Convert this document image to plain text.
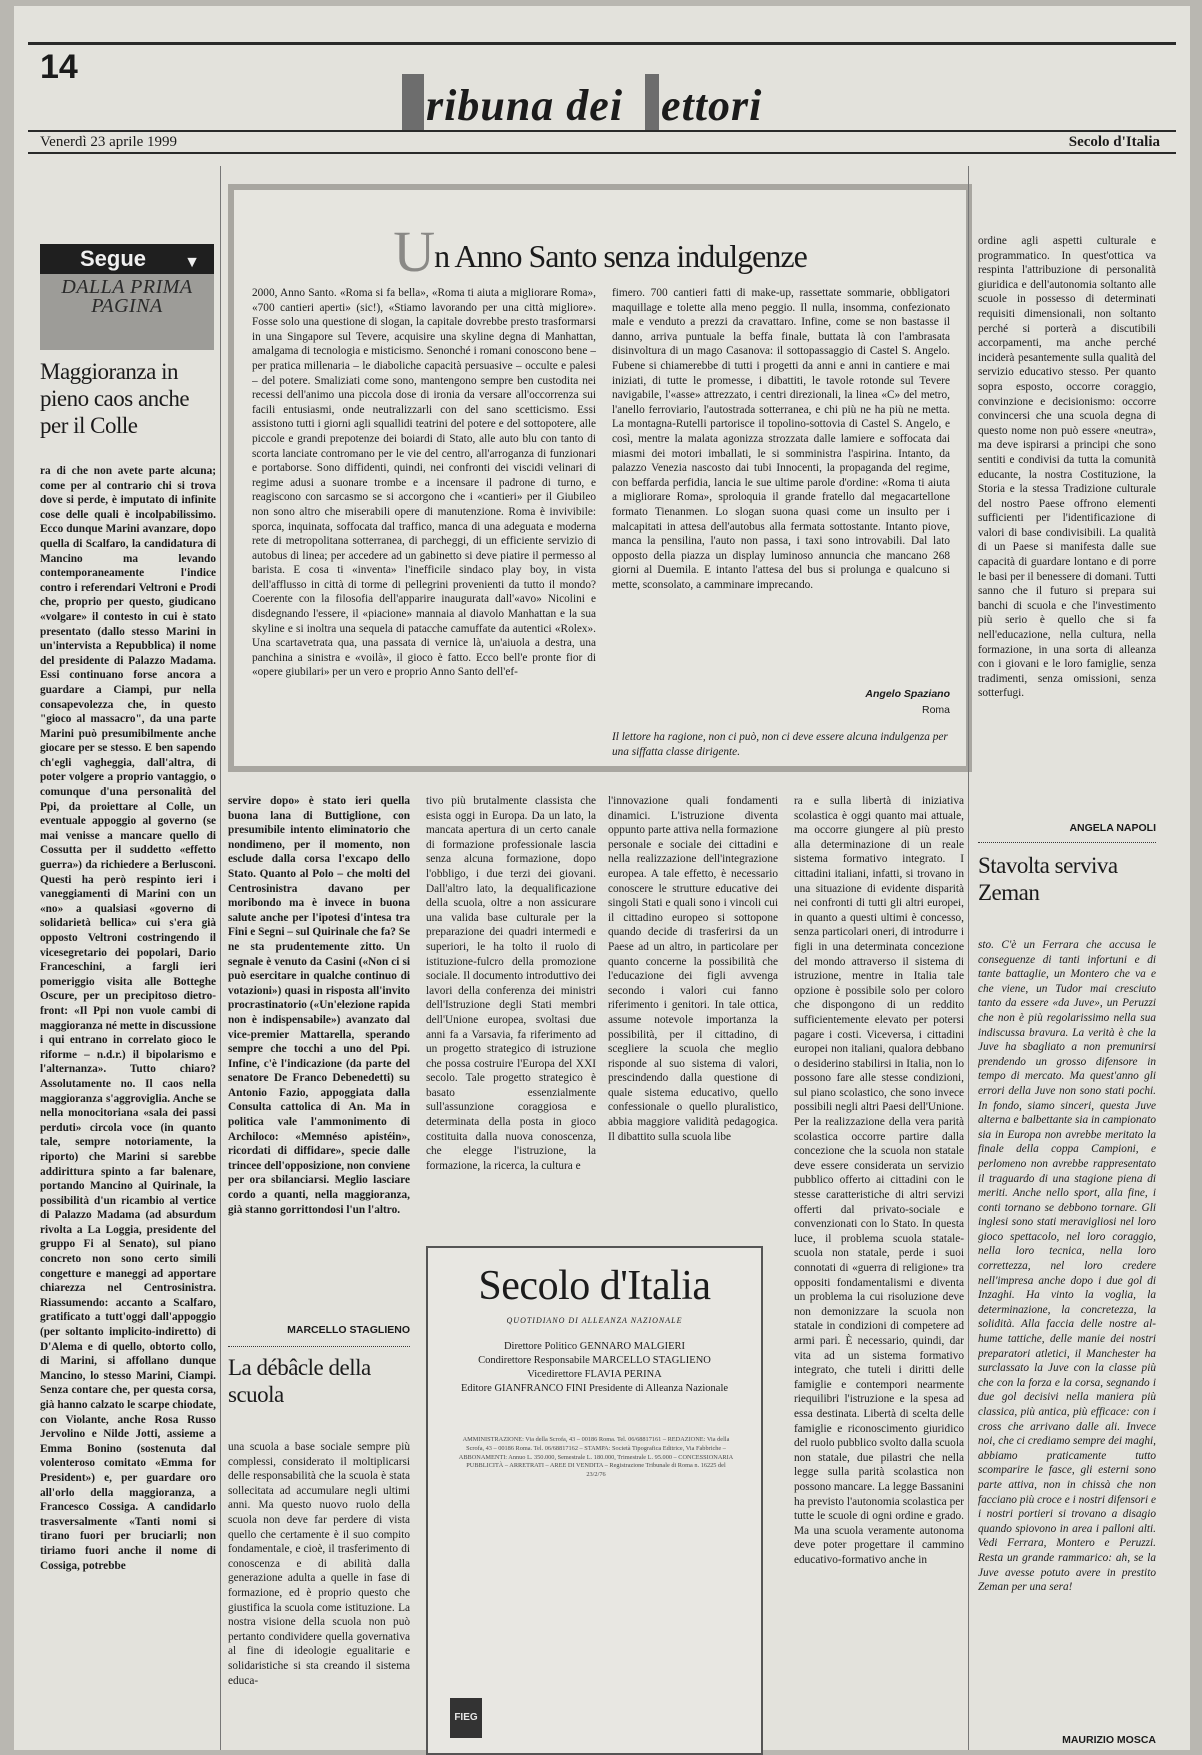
14
ribuna dei ettori
Venerdì 23 aprile 1999	Secolo d'Italia
Segue	▼
DALLA PRIMA PAGINA
Maggioranza in pieno caos anche per il Colle
ra di che non avete parte alcuna; come per al contrario chi si trova dove si perde, è imputato di infinite cose delle quali è incolpabilissimo. Ecco dunque Marini avanzare, dopo quella di Scalfaro, la candidatura di Mancino ma levando contemporaneamente l'indice contro i referendari Veltroni e Prodi che, proprio per questo, giudicano «volgare» il contesto in cui è stato presentato (dallo stesso Marini in un'intervista a Repubblica) il nome del presidente di Palazzo Madama. Essi continuano forse ancora a guardare a Ciampi, pur nella consapevolezza che, in questo "gioco al massacro", da una parte Marini può presumibilmente anche giocare per se stesso. E ben sapendo ch'egli vagheggia, dall'altra, di poter volgere a proprio vantaggio, o comunque d'una personalità del Ppi, da proiettare al Colle, un eventuale appoggio al governo (se mai venisse a mancare quello di Cossutta per il suddetto «effetto guerra») da richiedere a Berlusconi. Questi ha però respinto ieri i vaneggiamenti di Marini con un «no» a qualsiasi «governo di solidarietà bellica» cui s'era già opposto Veltroni costringendo il vicesegretario dei popolari, Dario Franceschini, a fargli ieri pomeriggio visita alle Botteghe Oscure, per un precipitoso dietro-front: «Il Ppi non vuole cambi di maggioranza né mette in discussione i qui entrano in correlato gioco le riforme – n.d.r.) il bipolarismo e l'alternanza». Tutto chiaro? Assolutamente no. Il caos nella maggioranza s'aggroviglia. Anche se nella monocitoriana «sala dei passi perduti» circola voce (in quanto tale, sempre notoriamente, la riporto) che Marini si sarebbe addirittura spinto a far balenare, portando Mancino al Quirinale, la possibilità d'un ricambio al vertice di Palazzo Madama (ad absurdum rivolta a La Loggia, presidente del gruppo Fi al Senato), sul piano concreto non sono certo simili congetture e maneggi ad apportare chiarezza nel Centrosinistra. Riassumendo: accanto a Scalfaro, gratificato a tutt'oggi dall'appoggio (per soltanto implicito-indiretto) di D'Alema e di quello, obtorto collo, di Marini, si affollano dunque Mancino, lo stesso Marini, Ciampi. Senza contare che, per questa corsa, già hanno calzato le scarpe chiodate, con Violante, anche Rosa Russo Jervolino e Nilde Jotti, assieme a Emma Bonino (sostenuta dal volenteroso comitato «Emma for President») e, per guardare oro all'orlo della maggioranza, a Francesco Cossiga. A candidarlo trasversalmente «Tanti nomi si tirano fuori per bruciarli; non tiriamo fuori anche il nome di Cossiga, potrebbe
Un Anno Santo senza indulgenze
2000, Anno Santo. «Roma si fa bella», «Roma ti aiuta a migliorare Roma», «700 cantieri aperti» (sic!), «Stiamo lavorando per una città migliore». Fosse solo una questione di slogan, la capitale dovrebbe presto trasformarsi in una Singapore sul Tevere, acquisire una skyline degna di Manhattan, amalgama di tecnologia e misticismo. Senonché i romani conoscono bene – per pratica millenaria – le diaboliche capacità persuasive – occulte e palesi – del potere. Smaliziati come sono, mantengono sempre ben custodita nei recessi dell'animo una piccola dose di ironia da versare all'occorrenza sui facili entusiasmi, onde neutralizzarli con del sano scetticismo. Essi assistono tutti i giorni agli squallidi teatrini del potere e del sottopotere, alle piccole e grandi prepotenze dei boiardi di Stato, alle auto blu con tanto di scorta lanciate contromano per le vie del centro, all'arroganza di funzionari e portaborse. Sono diffidenti, quindi, nei confronti dei viscidi velinari di regime adusi a suonare trombe e a incensare il padrone di turno, e reagiscono con sarcasmo se si accorgono che i «cantieri» per il Giubileo non sono altro che miserabili opere di manutenzione. Roma è invivibile: sporca, inquinata, soffocata dal traffico, manca di una adeguata e moderna rete di metropolitana sotterranea, di parcheggi, di un efficiente servizio di autobus di linea; per accedere ad un gabinetto si deve piatire il permesso al barista. E cosa ti «inventa» l'inefficile sindaco play boy, in vista dell'afflusso in città di torme di pellegrini provenienti da tutto il mondo? Coerente con la filosofia dell'apparire inaugurata dall'«avo» Nicolini e disdegnando l'essere, il «piacione» mannaia al diavolo Manhattan e la sua skyline e si inoltra una sequela di patacche camuffate da autentici «Rolex». Una scartavetrata qua, una passata di vernice là, un'aiuola a destra, una panchina a sinistra e «voilà», il gioco è fatto. Ecco bell'e pronte fior di «opere giubilari» per un vero e proprio Anno Santo dell'ef-
fimero. 700 cantieri fatti di make-up, rassettate sommarie, obbligatori maquillage e tolette alla meno peggio. Il nulla, insomma, confezionato male e venduto a prezzi da cravattaro. Infine, come se non bastasse il danno, arriva puntuale la beffa finale, buttata là con l'ambrasata disinvoltura di un mago Casanova: il sottopassaggio di Castel S. Angelo. Fubene si chiamerebbe di tutti i progetti da anni e anni in cantiere e mai iniziati, di tutte le promesse, i dibattiti, le tavole rotonde sul Tevere navigabile, l'«asse» attrezzato, i centri direzionali, la linea «C» del metro, l'anello ferroviario, l'autostrada sotterranea, e chi più ne ha più ne metta. La montagna-Rutelli partorisce il topolino-sottovia di Castel S. Angelo, e così, mentre la malata agonizza strozzata dalle lamiere e soffocata dai miasmi dei motori imballati, le si somministra l'aspirina. Intanto, da palazzo Venezia nascosto dai tubi Innocenti, la propaganda del regime, con beffarda perfidia, lancia le sue ultime parole d'ordine: «Roma ti aiuta a migliorare Roma», sproloquia il grande fratello dal megacartellone formato Tienanmen. Lo slogan suona quasi come un insulto per i malcapitati in attesa dell'autobus alla fermata sottostante. Intanto piove, manca la pensilina, l'auto non passa, i taxi sono introvabili. Dal lato opposto della piazza un display luminoso annuncia che mancano 268 giorni al Duemila. E intanto l'attesa del bus si prolunga e qualcuno si mette, sconsolato, a camminare imprecando.
Angelo Spaziano
Roma
Il lettore ha ragione, non ci può, non ci deve essere alcuna indulgenza per una siffatta classe dirigente.
servire dopo» è stato ieri quella buona lana di Buttiglione, con presumibile intento eliminatorio che nondimeno, per il momento, non esclude dalla corsa l'excapo dello Stato. Quanto al Polo – che molti del Centrosinistra davano per moribondo ma è invece in buona salute anche per l'ipotesi d'intesa tra Fini e Segni – sul Quirinale che fa? Se ne sta prudentemente zitto. Un segnale è venuto da Casini («Non ci si può esercitare in qualche continuo di votazioni») quasi in risposta all'invito procrastinatorio («Un'elezione rapida non è indispensabile») avanzato dal vice-premier Mattarella, sperando sempre che tocchi a uno del Ppi. Infine, c'è l'indicazione (da parte del senatore De Franco Debenedetti) su Antonio Fazio, appoggiata dalla Consulta cattolica di An. Ma in politica vale l'ammonimento di Archiloco: «Memnéso apistéin», ricordati di diffidare», specie dalle trincee dell'opposizione, non conviene per ora sbilanciarsi. Meglio lasciare cordo a quanti, nella maggioranza, già stanno gorrittondosi l'un l'altro.
MARCELLO STAGLIENO
La débâcle della scuola
una scuola a base sociale sempre più complessi, considerato il moltiplicarsi delle responsabilità che la scuola è stata sollecitata ad accumulare negli ultimi anni. Ma questo nuovo ruolo della scuola non deve far perdere di vista quello che certamente è il suo compito fondamentale, e cioè, il trasferimento di conoscenza e di abilità dalla generazione adulta a quelle in fase di formazione, ed è proprio questo che giustifica la scuola come istituzione. La nostra visione della scuola non può pertanto condividere quella governativa al fine di ideologie egualitarie e solidaristiche si sta creando il sistema educa-
tivo più brutalmente classista che esista oggi in Europa. Da un lato, la mancata apertura di un certo canale di formazione professionale lascia senza alcuna formazione, dopo l'obbligo, i due terzi dei giovani. Dall'altro lato, la dequalificazione della scuola, oltre a non assicurare una valida base culturale per la preparazione dei quadri intermedi e superiori, le ha tolto il ruolo di istituzione-fulcro della promozione sociale. Il documento introduttivo dei lavori della conferenza dei ministri dell'Istruzione degli Stati membri dell'Unione europea, svoltasi due anni fa a Varsavia, fa riferimento ad un progetto strategico di istruzione che possa costruire l'Europa del XXI secolo. Tale progetto strategico è basato essenzialmente sull'assunzione coraggiosa e determinata della posta in gioco costituita dalla nuova conoscenza, che elegge l'istruzione, la formazione, la ricerca, la cultura e
l'innovazione quali fondamenti dinamici. L'istruzione diventa oppunto parte attiva nella formazione personale e sociale dei cittadini e nella realizzazione dell'integrazione europea. A tale effetto, è necessario conoscere le strutture educative dei singoli Stati e quali sono i vincoli cui il cittadino europeo si sottopone quando decide di trasferirsi da un Paese ad un altro, in particolare per quanto concerne la possibilità che l'educazione dei figli avvenga secondo i valori cui fanno riferimento i genitori. In tale ottica, assume notevole importanza la possibilità, per il cittadino, di scegliere la scuola che meglio risponde al suo sistema di valori, prescindendo dalla questione di quale sistema educativo, quello confessionale o quello pluralistico, abbia maggiore validità pedagogica. Il dibattito sulla scuola libe
Secolo d'Italia
QUOTIDIANO DI ALLEANZA NAZIONALE
Direttore Politico GENNARO MALGIERI
Condirettore Responsabile MARCELLO STAGLIENO
Vicedirettore FLAVIA PERINA
Editore GIANFRANCO FINI Presidente di Alleanza Nazionale
AMMINISTRAZIONE: Via della Scrofa, 43 – 00186 Roma. Tel. 06/68817161 – REDAZIONE: Via della Scrofa, 43 – 00186 Roma. Tel. 06/68817162 – STAMPA: Società Tipografica Editrice, Via Fabbriche – ABBONAMENTI: Annuo L. 350.000, Semestrale L. 180.000, Trimestrale L. 95.000 – CONCESSIONARIA PUBBLICITÀ – ARRETRATI – AREE DI VENDITA – Registrazione Tribunale di Roma n. 16225 del 23/2/76
FIEG
ra e sulla libertà di iniziativa scolastica è oggi quanto mai attuale, ma occorre giungere al più presto alla determinazione di un reale sistema formativo integrato. I cittadini italiani, infatti, si trovano in una situazione di evidente disparità nei confronti di tutti gli altri europei, in quanto a questi ultimi è concesso, senza particolari oneri, di introdurre i figli in una determinata concezione del mondo attraverso il sistema di istruzione, mentre in Italia tale opzione è possibile solo per coloro che dispongono di un reddito sufficientemente elevato per potersi pagare i costi. Viceversa, i cittadini europei non italiani, qualora debbano o desiderino stabilirsi in Italia, non lo possono fare alle stesse condizioni, sul piano scolastico, che sono invece possibili negli altri Paesi dell'Unione. Per la realizzazione della vera parità scolastica occorre partire dalla concezione che la scuola non statale deve essere considerata un servizio pubblico offerto ai cittadini con le stesse caratteristiche di altri servizi offerti dal privato-sociale e convenzionati con lo Stato. In questa luce, il problema scuola statale-scuola non statale, perde i suoi connotati di «guerra di religione» tra oppositi fondamentalismi e diventa un problema la cui risoluzione deve non demonizzare la scuola non statale in condizioni di competere ad armi pari. È necessario, quindi, dar vita ad un sistema formativo integrato, che tuteli i diritti delle famiglie e contempori nearmente riequilibri l'istruzione e la spesa ad essa destinata. Libertà di scelta delle famiglie e riconoscimento giuridico del ruolo pubblico svolto dalla scuola non statale, due pilastri che nella legge sulla parità scolastica non possono mancare. La legge Bassanini ha previsto l'autonomia scolastica per tutte le scuole di ogni ordine e grado. Ma una scuola veramente autonoma deve poter progettare il cammino educativo-formativo anche in
ordine agli aspetti culturale e programmatico. In quest'ottica va respinta l'attribuzione di personalità giuridica e dell'autonomia soltanto alle scuole in possesso di determinati requisiti dimensionali, non soltanto perché si porterà a discutibili accorpamenti, ma anche perché inciderà pesantemente sulla qualità del servizio educativo stesso. Per quanto sopra esposto, occorre coraggio, convinzione e decisionismo: occorre convincersi che una scuola degna di questo nome non può essere «neutra», ma deve ispirarsi a principi che sono sentiti e condivisi da tutta la comunità educante, la nostra Costituzione, la Storia e la stessa Tradizione culturale del nostro Paese offrono elementi sufficienti per l'identificazione di valori di base condivisibili. La qualità di un Paese si manifesta dalle sue capacità di guardare lontano e di porre le basi per il benessere di domani. Tutti sanno che il futuro si prepara sui banchi di scuola e che l'investimento più serio è quello che si fa nell'educazione, nella cultura, nella formazione, in una sorta di alleanza con i giovani e le loro famiglie, senza tradimenti, senza omissioni, senza sotterfugi.
ANGELA NAPOLI
Stavolta serviva Zeman
sto. C'è un Ferrara che accusa le conseguenze di tanti infortuni e di tante battaglie, un Montero che va e che viene, un Tudor mai cresciuto tanto da essere «da Juve», un Peruzzi che non è più regolarissimo nella sua indiscussa bravura. La verità è che la Juve ha sbagliato a non premunirsi prendendo un grosso difensore in tempo di mercato. Ma quest'anno gli errori della Juve non sono stati pochi. In fondo, siamo sinceri, questa Juve alterna e balbettante sia in campionato sia in Europa non avrebbe meritato la finale della coppa Campioni, e perlomeno non avrebbe rappresentato il traguardo di una stagione piena di meriti. Anche nello sport, alla fine, i conti tornano se debbono tornare. Gli inglesi sono stati meravigliosi nel loro gioco spettacolo, nel loro coraggio, nella loro tecnica, nella loro correttezza, nel loro credere nell'impresa anche dopo i due gol di Inzaghi. Ha vinto la voglia, la determinazione, la concretezza, la solidità. Alla faccia delle nostre al-hume tattiche, delle manie dei nostri preparatori atletici, il Manchester ha surclassato la Juve con la classe più che con la forza e la corsa, segnando i due gol decisivi nella maniera più classica, più antica, più efficace: con i cross che arrivano dalle ali. Invece noi, che ci crediamo sempre dei maghi, abbiamo praticamente tutto scomparire le fasce, gli esterni sono parte attiva, non in chissà che non facciano più croce e i nostri difensori e i nostri portieri si trovano a disagio quando spiovono in area i palloni alti. Vedi Ferrara, Montero e Peruzzi. Resta un grande rammarico: ah, se la Juve avesse potuto avere in prestito Zeman per una sera!
MAURIZIO MOSCA
